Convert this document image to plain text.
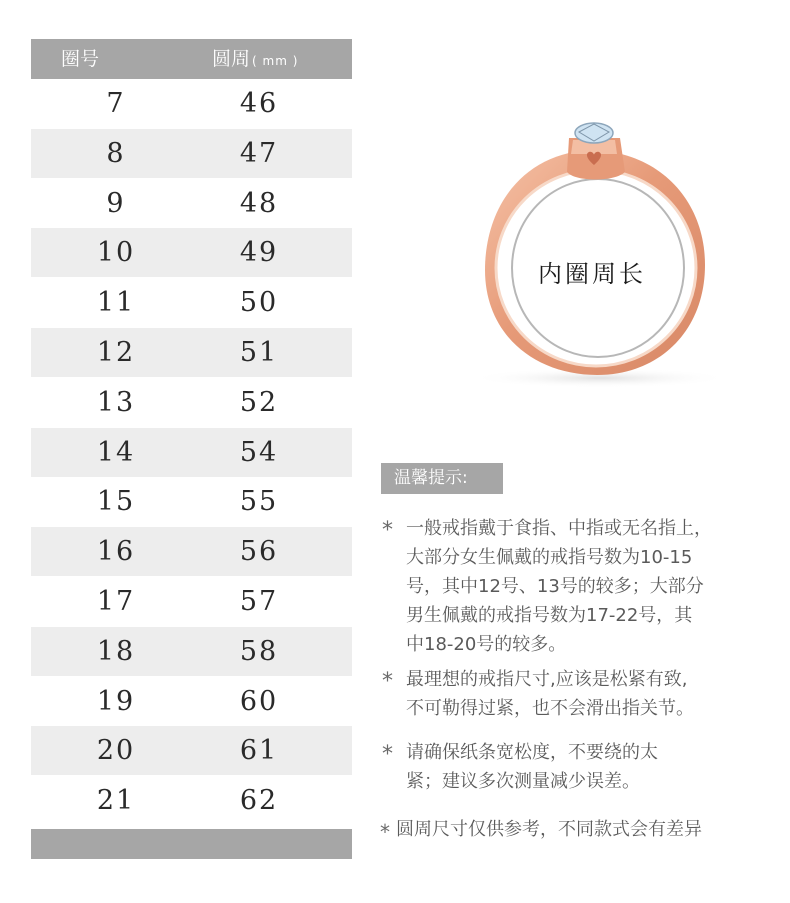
圈号	圆周 ( mm )
7	46
8	47
9	48
10	49
11	50
12	51
13	52
14	54
15	55
16	56
17	57
18	58
19	60
20	61
21	62
内圈周长
温馨提示:
* 一般戒指戴于食指、中指或无名指上，
大部分女生佩戴的戒指号数为10-15
号，其中12号、13号的较多；大部分
男生佩戴的戒指号数为17-22号，其
中18-20号的较多。
* 最理想的戒指尺寸,应该是松紧有致,
不可勒得过紧，也不会滑出指关节。
* 请确保纸条宽松度，不要绕的太
紧；建议多次测量减少误差。
* 圆周尺寸仅供参考，不同款式会有差异
